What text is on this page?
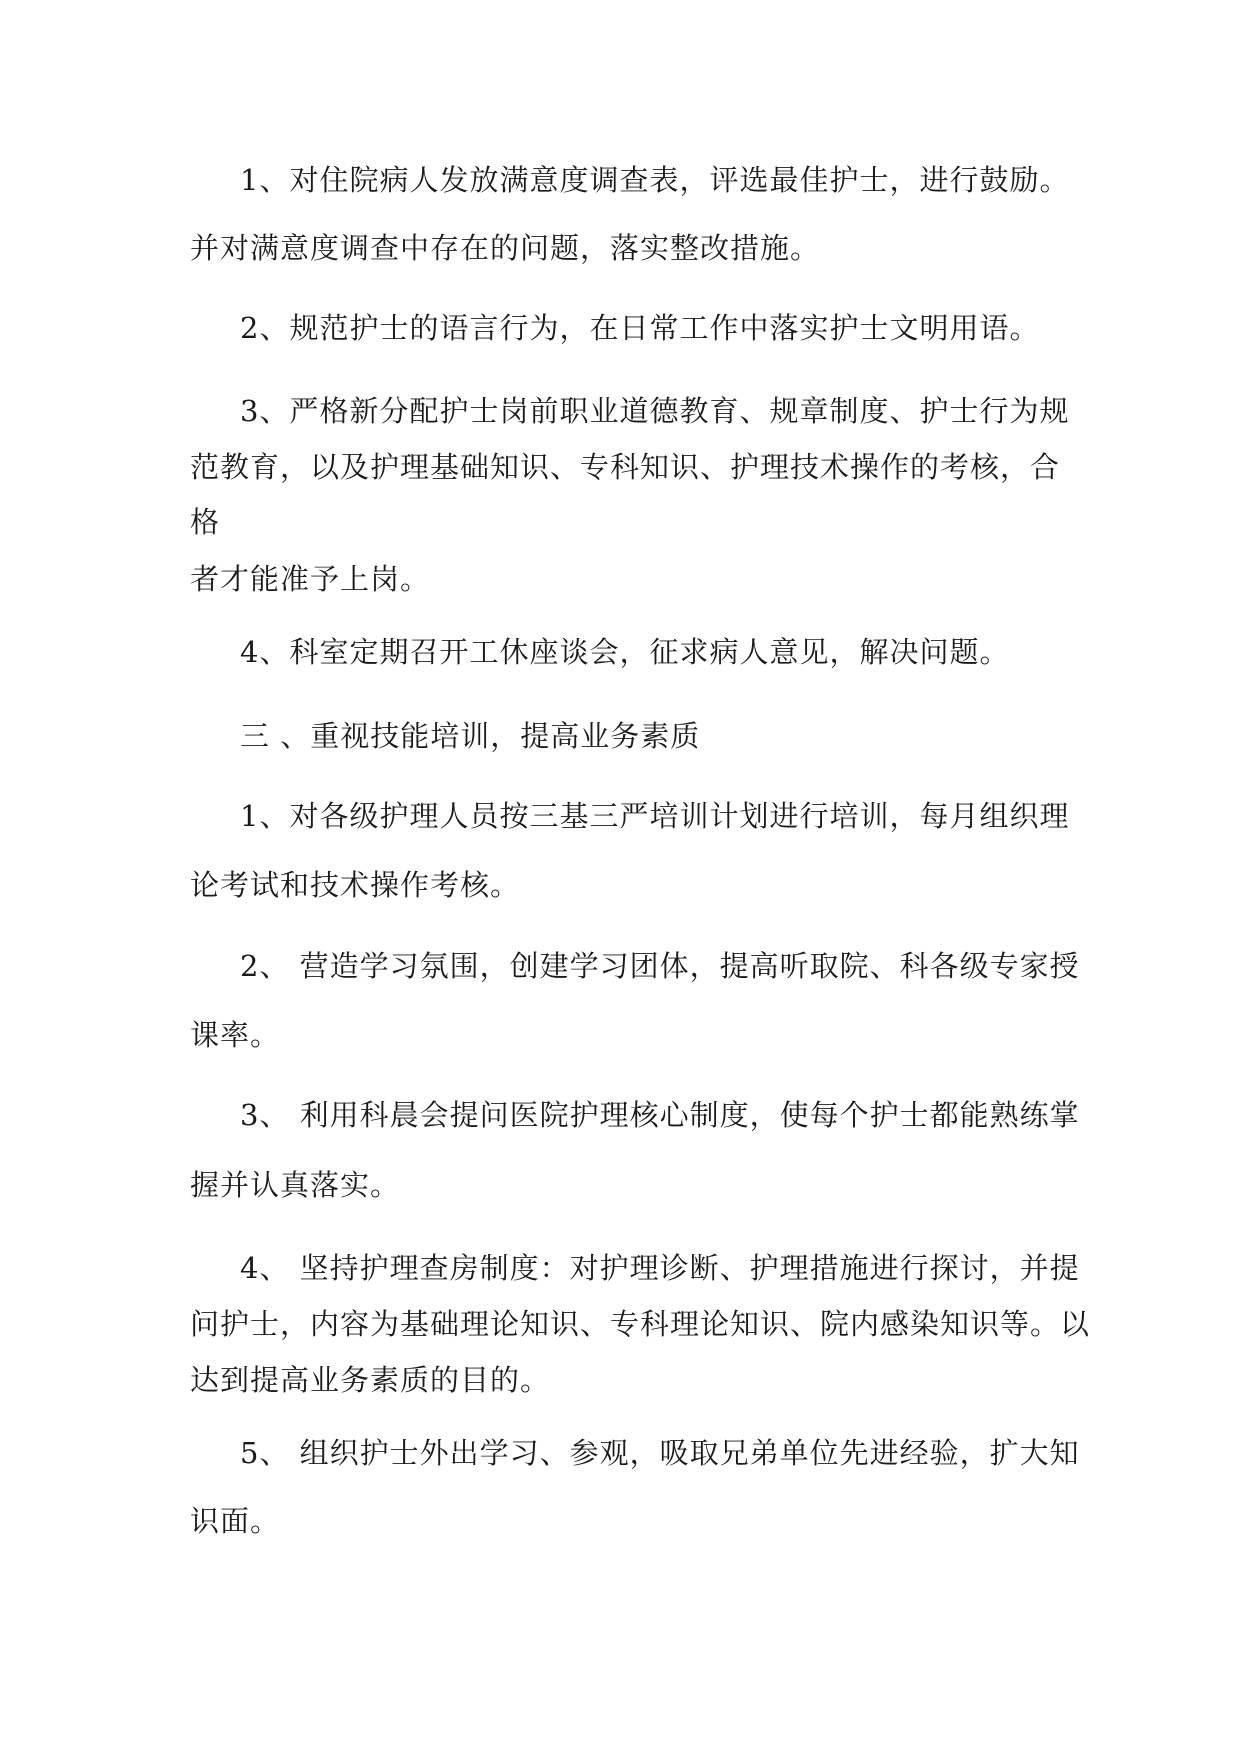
1、对住院病人发放满意度调查表，评选最佳护士，进行鼓励。
并对满意度调查中存在的问题，落实整改措施。
2、规范护士的语言行为，在日常工作中落实护士文明用语。
3、严格新分配护士岗前职业道德教育、规章制度、护士行为规
范教育，以及护理基础知识、专科知识、护理技术操作的考核，合
格
者才能准予上岗。
4、科室定期召开工休座谈会，征求病人意见，解决问题。
三 、重视技能培训，提高业务素质
1、对各级护理人员按三基三严培训计划进行培训，每月组织理
论考试和技术操作考核。
2、 营造学习氛围，创建学习团体，提高听取院、科各级专家授
课率。
3、 利用科晨会提问医院护理核心制度，使每个护士都能熟练掌
握并认真落实。
4、 坚持护理查房制度：对护理诊断、护理措施进行探讨，并提
问护士，内容为基础理论知识、专科理论知识、院内感染知识等。以
达到提高业务素质的目的。
5、 组织护士外出学习、参观，吸取兄弟单位先进经验，扩大知
识面。
